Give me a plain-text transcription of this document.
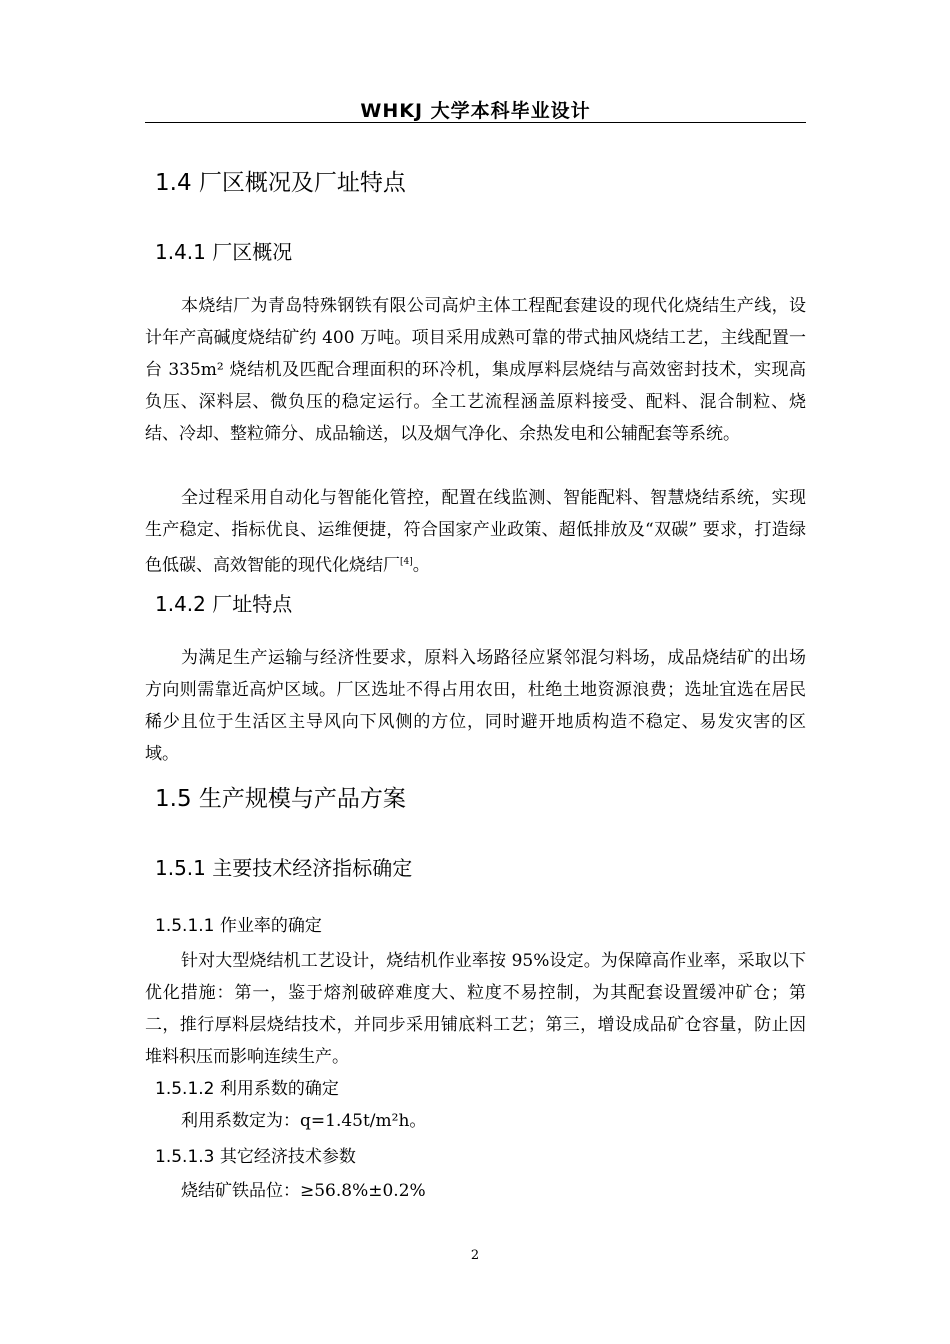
WHKJ 大学本科毕业设计
1.4 厂区概况及厂址特点
1.4.1 厂区概况

本烧结厂为青岛特殊钢铁有限公司高炉主体工程配套建设的现代化烧结生产线，设计年产高碱度烧结矿约 400 万吨。项目采用成熟可靠的带式抽风烧结工艺，主线配置一台 335m² 烧结机及匹配合理面积的环冷机，集成厚料层烧结与高效密封技术，实现高负压、深料层、微负压的稳定运行。全工艺流程涵盖原料接受、配料、混合制粒、烧结、冷却、整粒筛分、成品输送，以及烟气净化、余热发电和公辅配套等系统。

全过程采用自动化与智能化管控，配置在线监测、智能配料、智慧烧结系统，实现生产稳定、指标优良、运维便捷，符合国家产业政策、超低排放及“双碳” 要求，打造绿色低碳、高效智能的现代化烧结厂[4]。

1.4.2 厂址特点

为满足生产运输与经济性要求，原料入场路径应紧邻混匀料场，成品烧结矿的出场方向则需靠近高炉区域。厂区选址不得占用农田，杜绝土地资源浪费；选址宜选在居民稀少且位于生活区主导风向下风侧的方位，同时避开地质构造不稳定、易发灾害的区域。

1.5 生产规模与产品方案
1.5.1 主要技术经济指标确定
1.5.1.1 作业率的确定

针对大型烧结机工艺设计，烧结机作业率按 95%设定。为保障高作业率，采取以下优化措施：第一，鉴于熔剂破碎难度大、粒度不易控制，为其配套设置缓冲矿仓；第二，推行厚料层烧结技术，并同步采用铺底料工艺；第三，增设成品矿仓容量，防止因堆料积压而影响连续生产。

1.5.1.2 利用系数的确定

利用系数定为：q=1.45t/m²h。

1.5.1.3 其它经济技术参数

烧结矿铁品位：≥56.8%±0.2%

2
